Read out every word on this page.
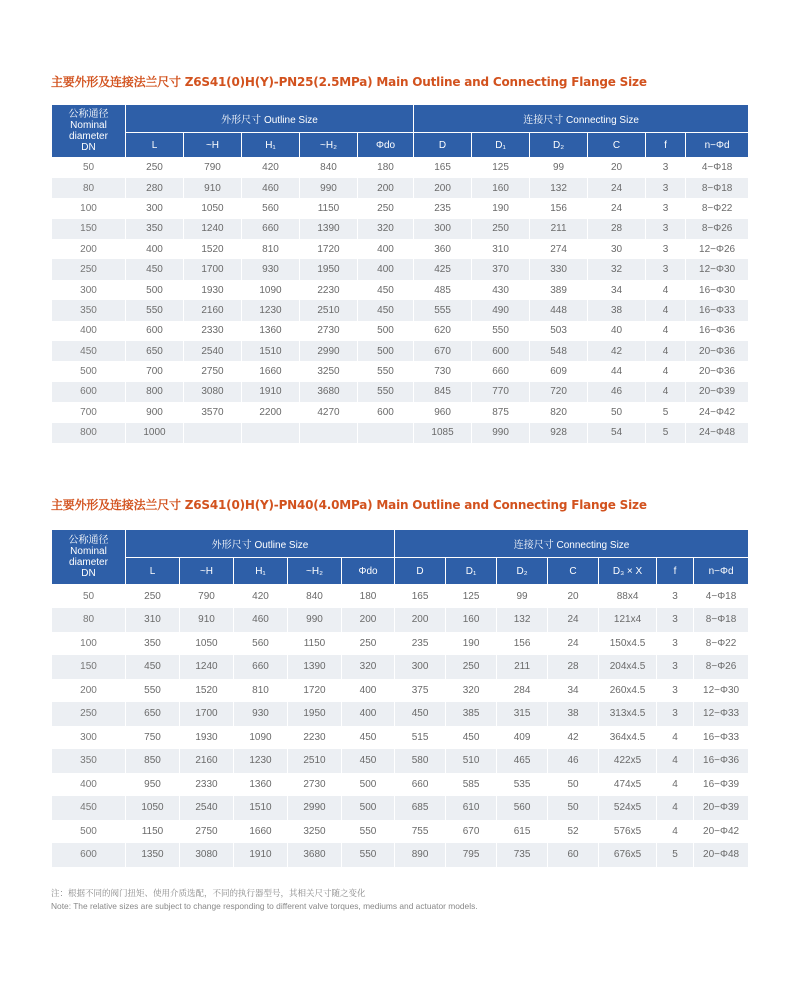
主要外形及连接法兰尺寸 Z6S41(0)H(Y)-PN25(2.5MPa) Main Outline and Connecting Flange Size
公称通径
Nominal
diameter
DN	外形尺寸 Outline Size					连接尺寸 Connecting Size					
	L	~H	H₁	~H₂	Φdo	D	D₁	D₂	C	f	n−Φd
50	250	790	420	840	180	165	125	99	20	3	4−Φ18
80	280	910	460	990	200	200	160	132	24	3	8−Φ18
100	300	1050	560	1150	250	235	190	156	24	3	8−Φ22
150	350	1240	660	1390	320	300	250	211	28	3	8−Φ26
200	400	1520	810	1720	400	360	310	274	30	3	12−Φ26
250	450	1700	930	1950	400	425	370	330	32	3	12−Φ30
300	500	1930	1090	2230	450	485	430	389	34	4	16−Φ30
350	550	2160	1230	2510	450	555	490	448	38	4	16−Φ33
400	600	2330	1360	2730	500	620	550	503	40	4	16−Φ36
450	650	2540	1510	2990	500	670	600	548	42	4	20−Φ36
500	700	2750	1660	3250	550	730	660	609	44	4	20−Φ36
600	800	3080	1910	3680	550	845	770	720	46	4	20−Φ39
700	900	3570	2200	4270	600	960	875	820	50	5	24−Φ42
800	1000					1085	990	928	54	5	24−Φ48
主要外形及连接法兰尺寸 Z6S41(0)H(Y)-PN40(4.0MPa) Main Outline and Connecting Flange Size
公称通径
Nominal
diameter
DN	外形尺寸 Outline Size					连接尺寸 Connecting Size						
	L	~H	H₁	~H₂	Φdo	D	D₁	D₂	C	D₃ × X	f	n−Φd
50	250	790	420	840	180	165	125	99	20	88x4	3	4−Φ18
80	310	910	460	990	200	200	160	132	24	121x4	3	8−Φ18
100	350	1050	560	1150	250	235	190	156	24	150x4.5	3	8−Φ22
150	450	1240	660	1390	320	300	250	211	28	204x4.5	3	8−Φ26
200	550	1520	810	1720	400	375	320	284	34	260x4.5	3	12−Φ30
250	650	1700	930	1950	400	450	385	315	38	313x4.5	3	12−Φ33
300	750	1930	1090	2230	450	515	450	409	42	364x4.5	4	16−Φ33
350	850	2160	1230	2510	450	580	510	465	46	422x5	4	16−Φ36
400	950	2330	1360	2730	500	660	585	535	50	474x5	4	16−Φ39
450	1050	2540	1510	2990	500	685	610	560	50	524x5	4	20−Φ39
500	1150	2750	1660	3250	550	755	670	615	52	576x5	4	20−Φ42
600	1350	3080	1910	3680	550	890	795	735	60	676x5	5	20−Φ48
注：根据不同的阀门扭矩、使用介质选配，不同的执行器型号，其相关尺寸随之变化
Note: The relative sizes are subject to change responding to different valve torques, mediums and actuator models.
